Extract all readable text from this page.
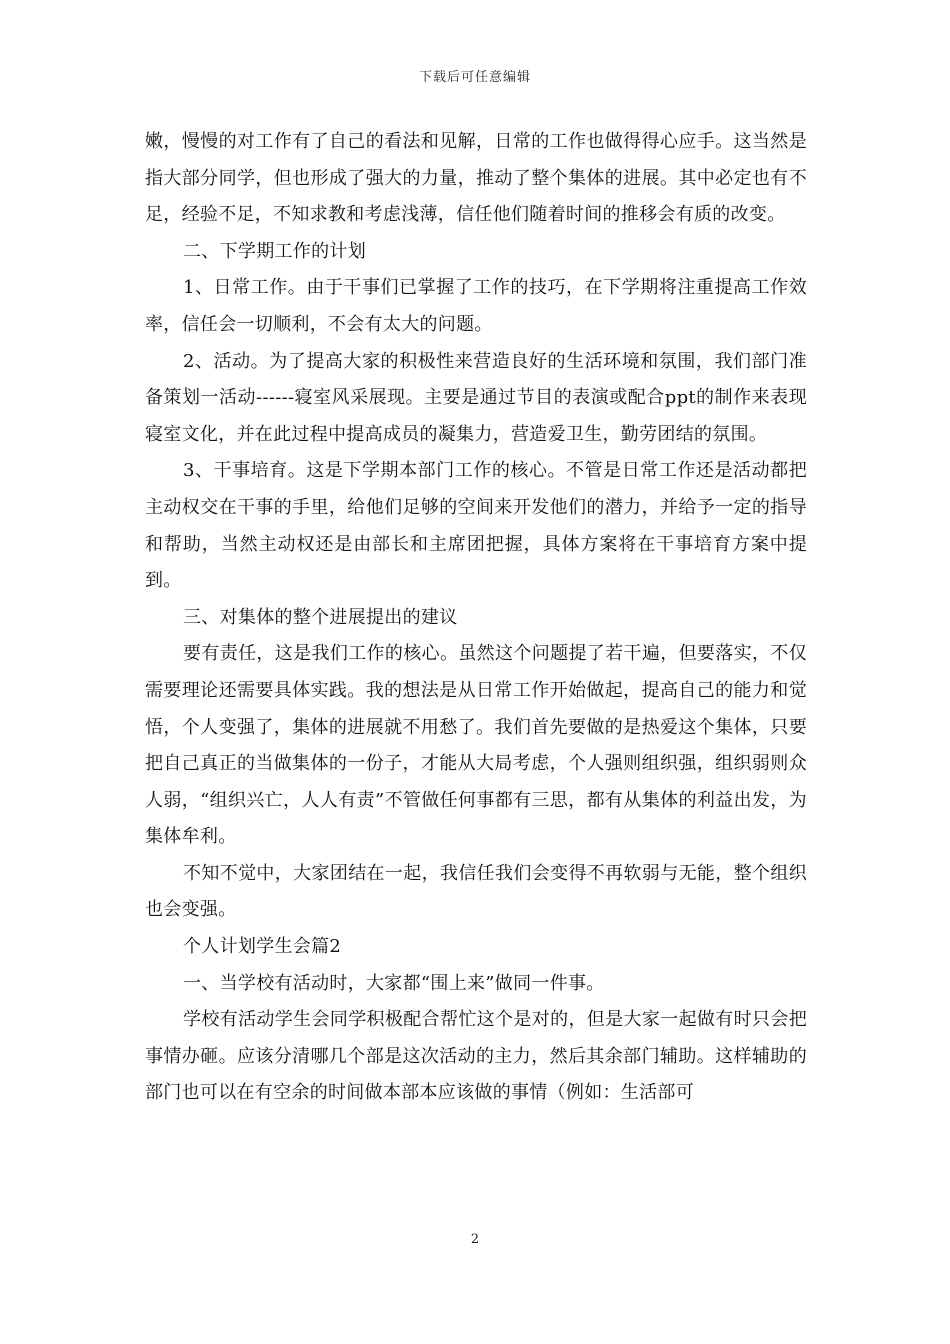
下载后可任意编辑

嫩，慢慢的对工作有了自己的看法和见解，日常的工作也做得得心应手。这当然是指大部分同学，但也形成了强大的力量，推动了整个集体的进展。其中必定也有不足，经验不足，不知求教和考虑浅薄，信任他们随着时间的推移会有质的改变。

二、下学期工作的计划

1、日常工作。由于干事们已掌握了工作的技巧，在下学期将注重提高工作效率，信任会一切顺利，不会有太大的问题。

2、活动。为了提高大家的积极性来营造良好的生活环境和氛围，我们部门准备策划一活动------寝室风采展现。主要是通过节目的表演或配合ppt的制作来表现寝室文化，并在此过程中提高成员的凝集力，营造爱卫生，勤劳团结的氛围。

3、干事培育。这是下学期本部门工作的核心。不管是日常工作还是活动都把主动权交在干事的手里，给他们足够的空间来开发他们的潜力，并给予一定的指导和帮助，当然主动权还是由部长和主席团把握，具体方案将在干事培育方案中提到。

三、对集体的整个进展提出的建议

要有责任，这是我们工作的核心。虽然这个问题提了若干遍，但要落实，不仅需要理论还需要具体实践。我的想法是从日常工作开始做起，提高自己的能力和觉悟，个人变强了，集体的进展就不用愁了。我们首先要做的是热爱这个集体，只要把自己真正的当做集体的一份子，才能从大局考虑，个人强则组织强，组织弱则众人弱，“组织兴亡，人人有责”不管做任何事都有三思，都有从集体的利益出发，为集体牟利。

不知不觉中，大家团结在一起，我信任我们会变得不再软弱与无能，整个组织也会变强。

个人计划学生会篇2

一、当学校有活动时，大家都“围上来”做同一件事。

学校有活动学生会同学积极配合帮忙这个是对的，但是大家一起做有时只会把事情办砸。应该分清哪几个部是这次活动的主力，然后其余部门辅助。这样辅助的部门也可以在有空余的时间做本部本应该做的事情（例如：生活部可

2
